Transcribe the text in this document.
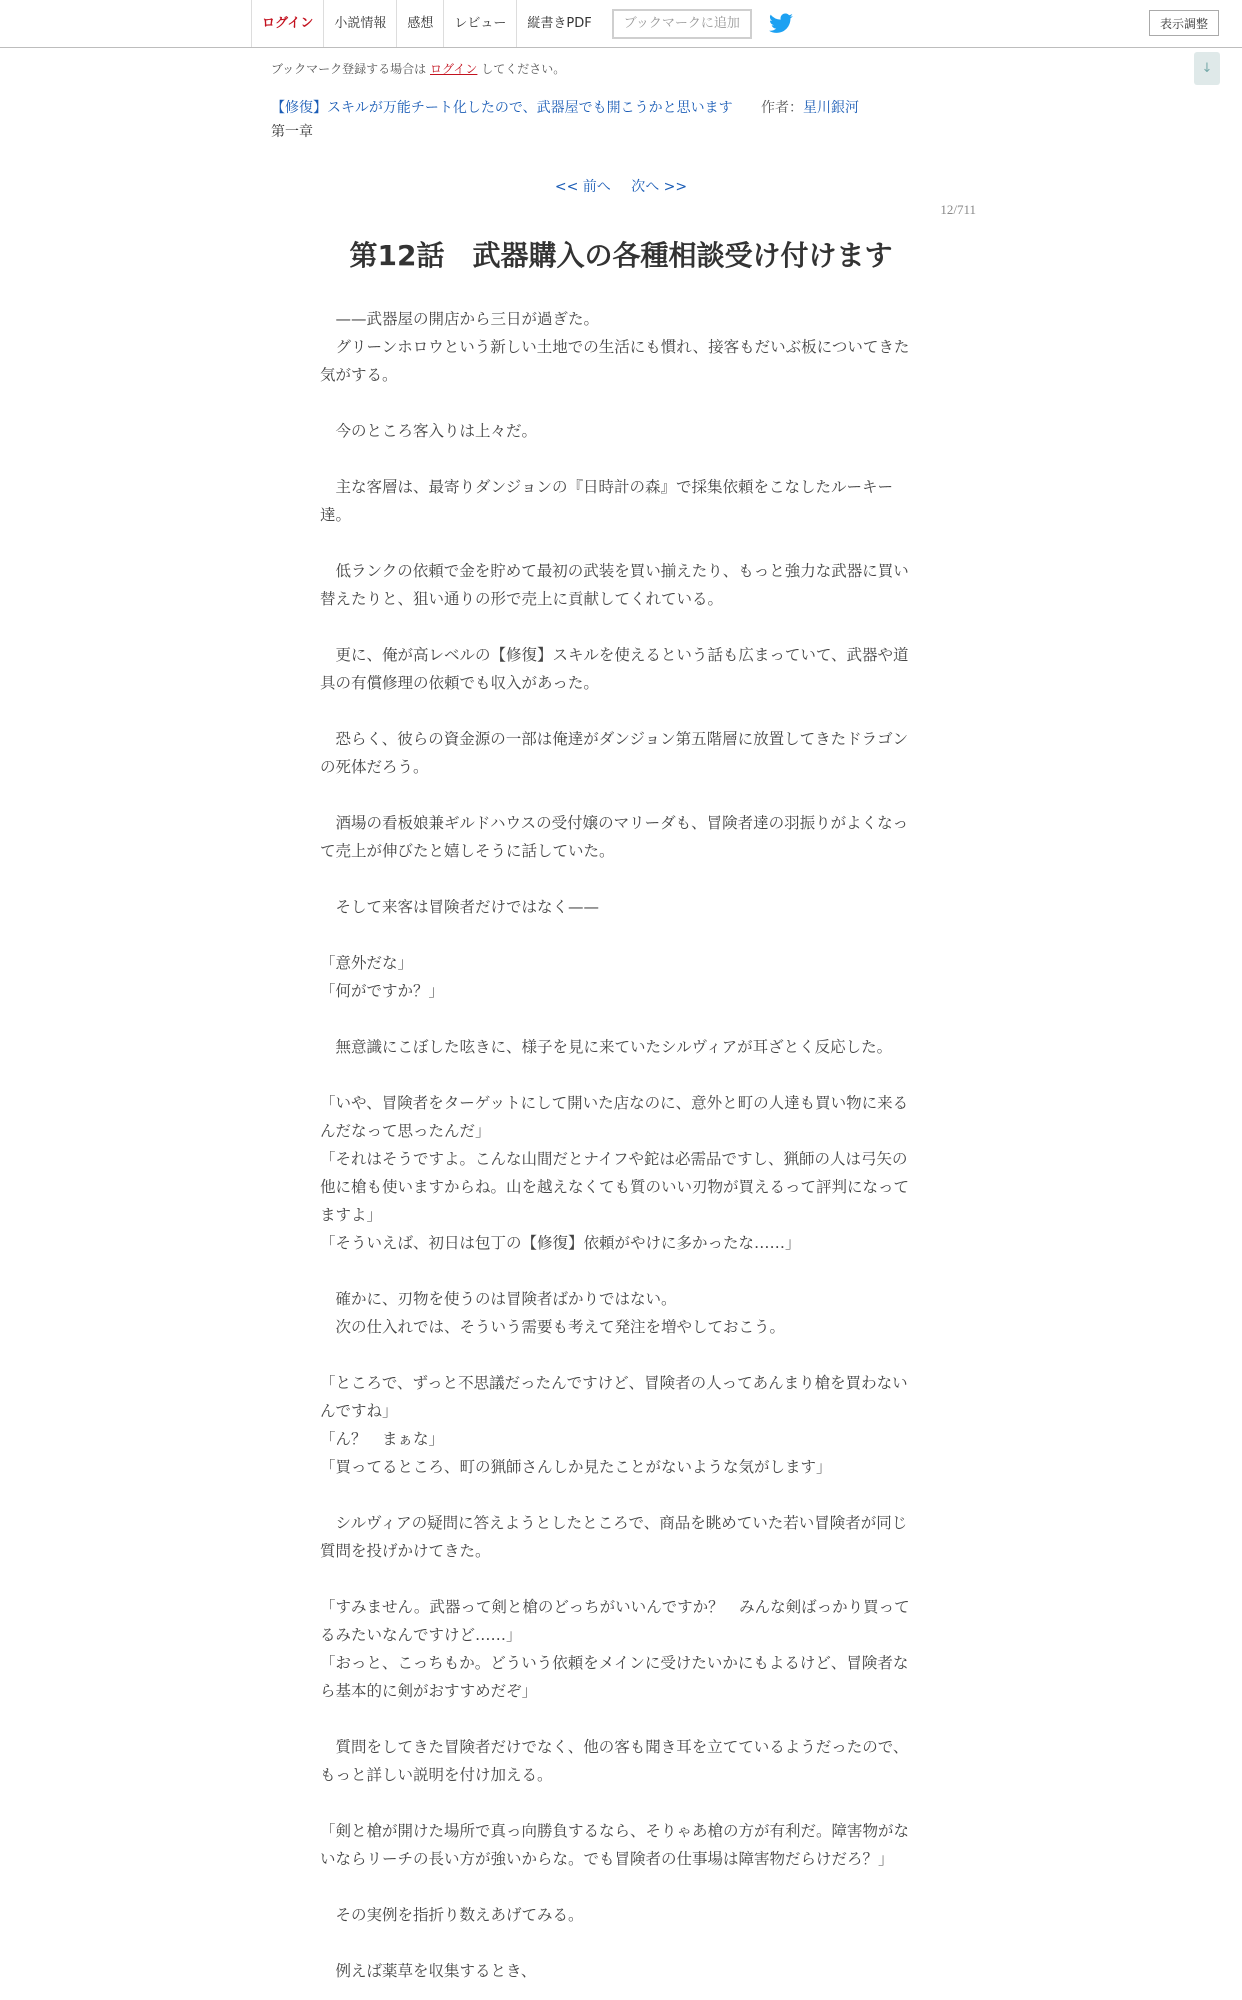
ログイン	小説情報	感想	レビュー	縦書きPDF	ブックマークに追加	表示調整
↓
ブックマーク登録する場合は ログイン してください。
【修復】スキルが万能チート化したので、武器屋でも開こうかと思います 作者：星川銀河
第一章
<< 前へ 次へ >>
12/711
第12話　武器購入の各種相談受け付けます

　——武器屋の開店から三日が過ぎた。

　グリーンホロウという新しい土地での生活にも慣れ、接客もだいぶ板についてきた気がする。

　今のところ客入りは上々だ。

　主な客層は、最寄りダンジョンの『日時計の森』で採集依頼をこなしたルーキー達。

　低ランクの依頼で金を貯めて最初の武装を買い揃えたり、もっと強力な武器に買い替えたりと、狙い通りの形で売上に貢献してくれている。

　更に、俺が高レベルの【修復】スキルを使えるという話も広まっていて、武器や道具の有償修理の依頼でも収入があった。

　恐らく、彼らの資金源の一部は俺達がダンジョン第五階層に放置してきたドラゴンの死体だろう。

　酒場の看板娘兼ギルドハウスの受付嬢のマリーダも、冒険者達の羽振りがよくなって売上が伸びたと嬉しそうに話していた。

　そして来客は冒険者だけではなく——

「意外だな」

「何がですか？」

　無意識にこぼした呟きに、様子を見に来ていたシルヴィアが耳ざとく反応した。

「いや、冒険者をターゲットにして開いた店なのに、意外と町の人達も買い物に来るんだなって思ったんだ」

「それはそうですよ。こんな山間だとナイフや鉈は必需品ですし、猟師の人は弓矢の他に槍も使いますからね。山を越えなくても質のいい刃物が買えるって評判になってますよ」

「そういえば、初日は包丁の【修復】依頼がやけに多かったな……」

　確かに、刃物を使うのは冒険者ばかりではない。

　次の仕入れでは、そういう需要も考えて発注を増やしておこう。

「ところで、ずっと不思議だったんですけど、冒険者の人ってあんまり槍を買わないんですね」

「ん？　まぁな」

「買ってるところ、町の猟師さんしか見たことがないような気がします」

　シルヴィアの疑問に答えようとしたところで、商品を眺めていた若い冒険者が同じ質問を投げかけてきた。

「すみません。武器って剣と槍のどっちがいいんですか？　みんな剣ばっかり買ってるみたいなんですけど……」

「おっと、こっちもか。どういう依頼をメインに受けたいかにもよるけど、冒険者なら基本的に剣がおすすめだぞ」

　質問をしてきた冒険者だけでなく、他の客も聞き耳を立てているようだったので、もっと詳しい説明を付け加える。

「剣と槍が開けた場所で真っ向勝負するなら、そりゃあ槍の方が有利だ。障害物がないならリーチの長い方が強いからな。でも冒険者の仕事場は障害物だらけだろ？」

　その実例を指折り数えあげてみる。

　例えば薬草を収集するとき、
